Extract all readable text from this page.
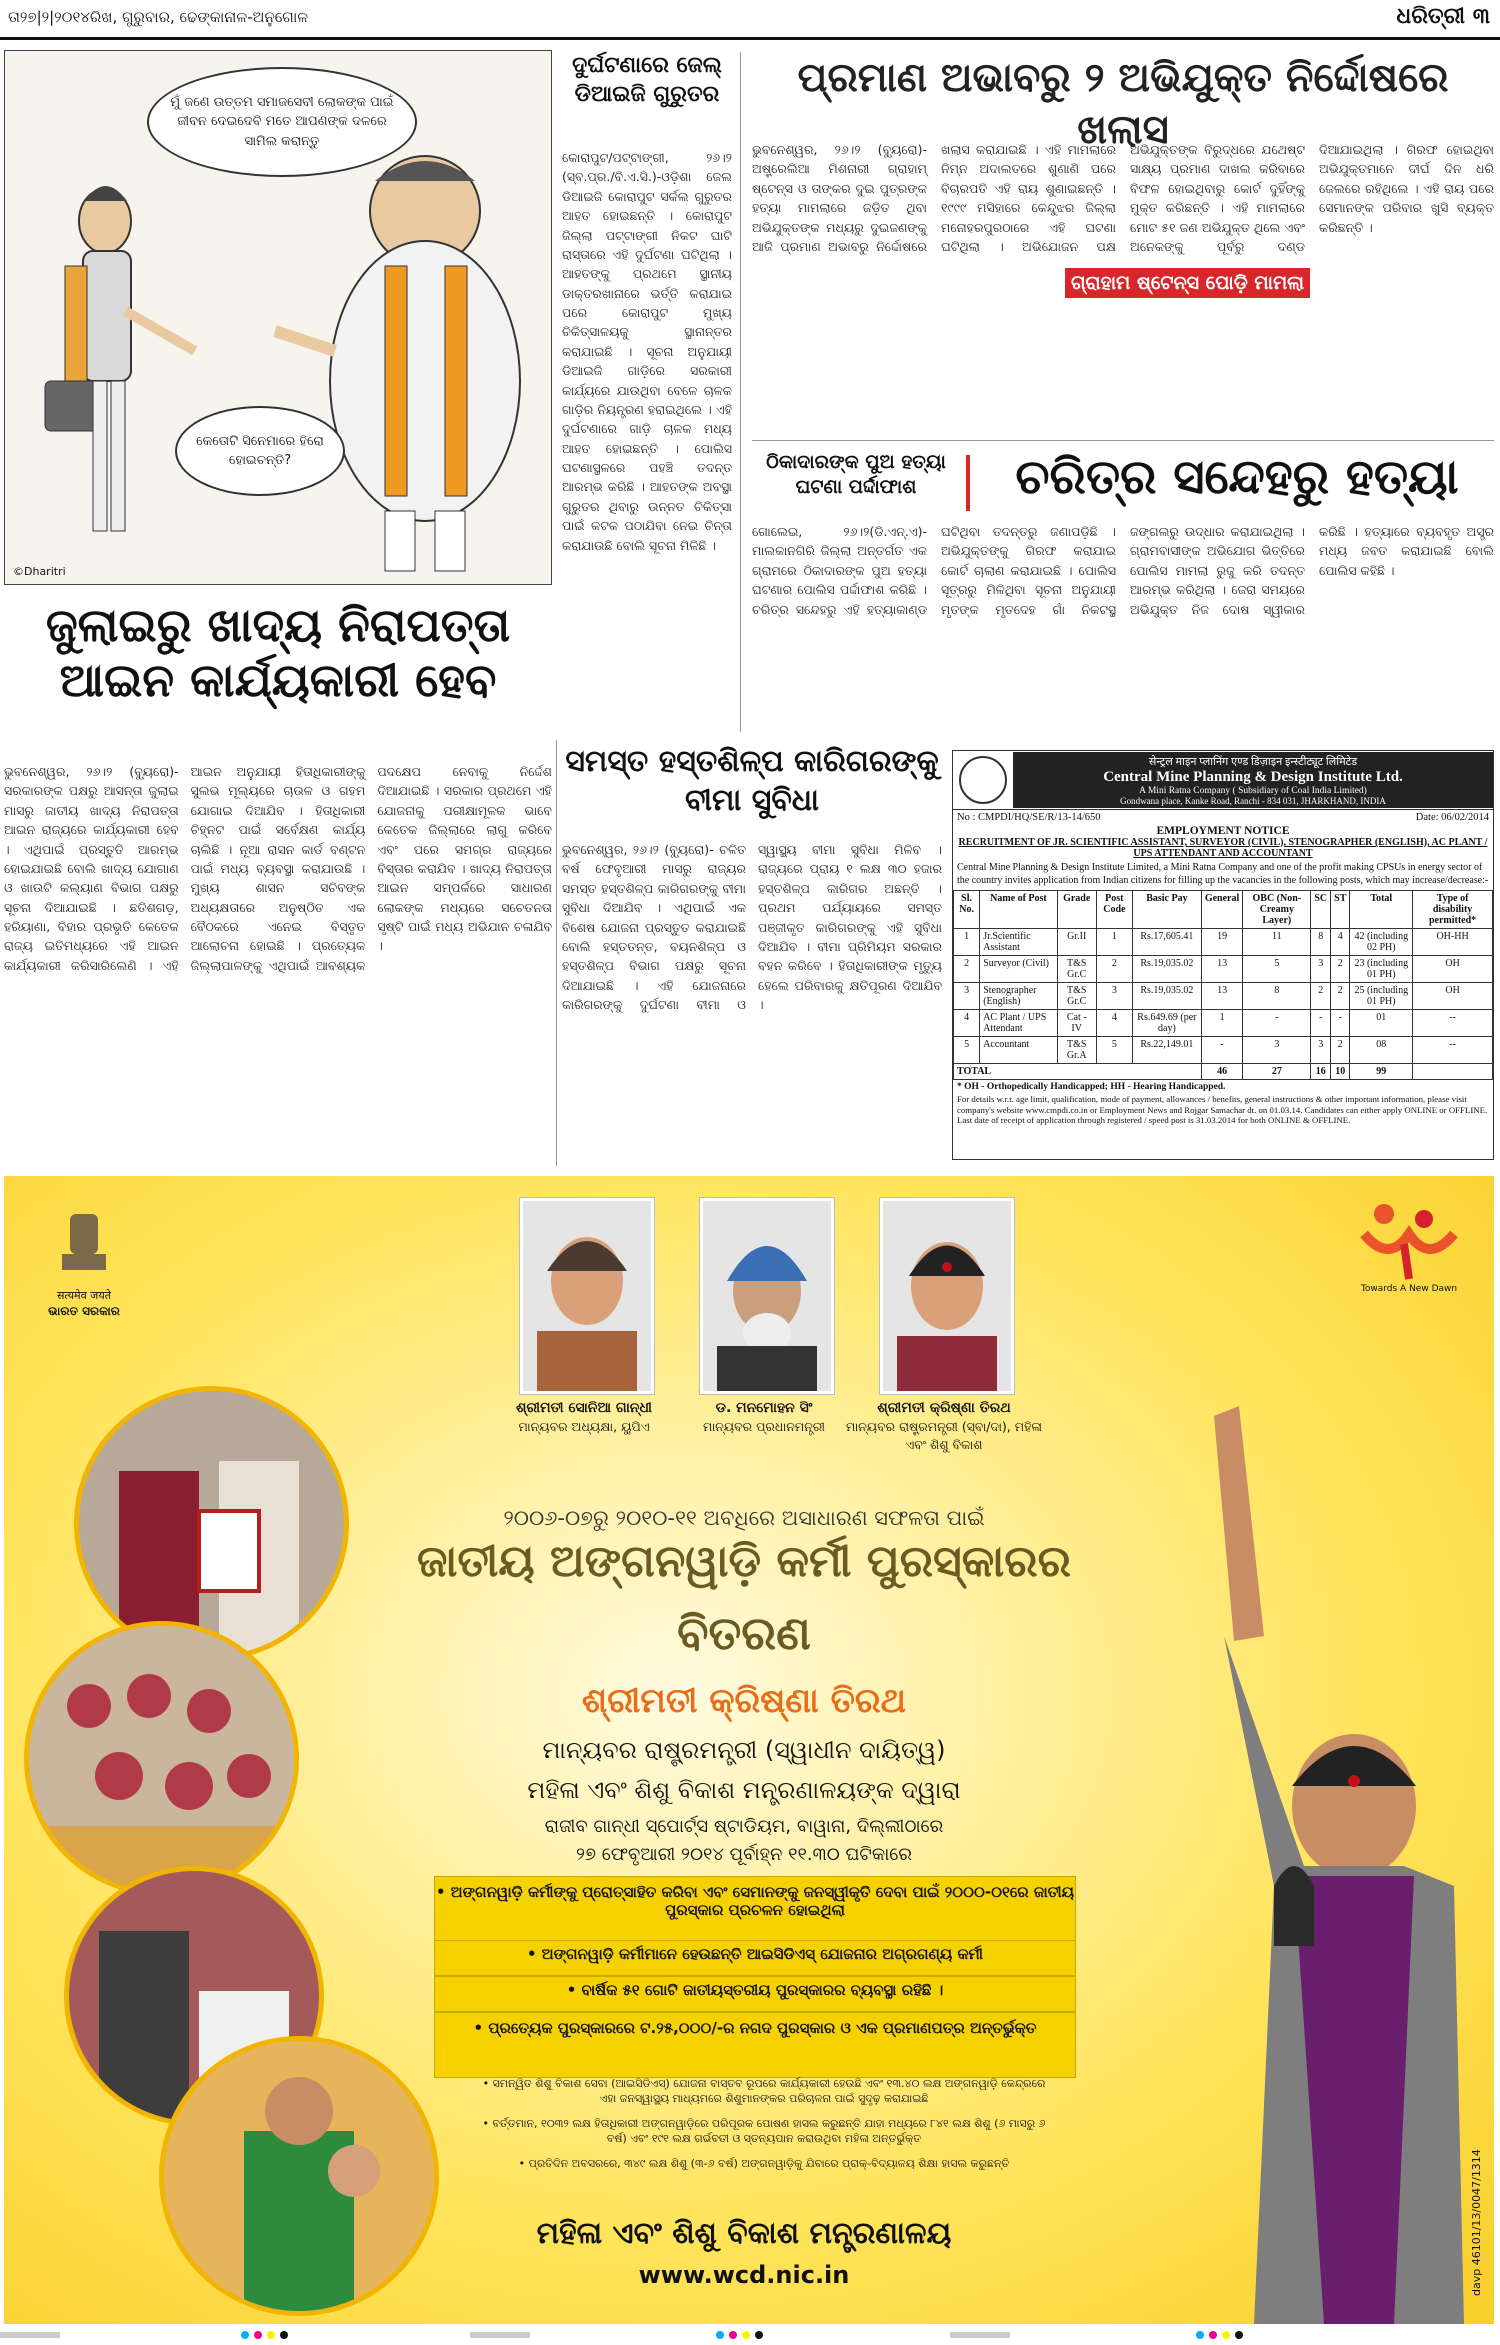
ତା୨୭|୨|୨୦୧୪ରିଖ, ଗୁରୁବାର, ଢେଙ୍କାନାଳ-ଅନୁଗୋଳ	ଧରିତ୍ରୀ ୩
ମୁଁ ଜଣେ ଉତ୍ତମ ସମାଜସେବୀ ଲୋକଙ୍କ ପାଇଁ ଜୀବନ ଦେଇଦେବି ମତେ ଆପଣଙ୍କ ଦଳରେ ସାମିଲ କରାନ୍ତୁ
କେତୋଟି ସିନେମାରେ ହିରୋ ହୋଇଚନ୍ତି?
©Dharitri
ଦୁର୍ଘଟଣାରେ ଜେଲ୍ ଡିଆଇଜି ଗୁରୁତର
କୋରାପୁଟ/ପଟ୍ଟାଙ୍ଗୀ, ୨୬।୨ (ସ୍ବ.ପ୍ର./ବି.ଏ.ସି.)-ଓଡ଼ିଶା ଜେଲ ଡିଆଇଜି କୋରାପୁଟ ସର୍କଲ ଗୁରୁତର ଆହତ ହୋଇଛନ୍ତି । କୋରାପୁଟ ଜିଲ୍ଲା ପଟ୍ଟାଙ୍ଗୀ ନିକଟ ଘାଟି ରାସ୍ତାରେ ଏହି ଦୁର୍ଘଟଣା ଘଟିଥିଲା । ଆହତଙ୍କୁ ପ୍ରଥମେ ସ୍ଥାନୀୟ ଡାକ୍ତରଖାନାରେ ଭର୍ତ୍ତି କରାଯାଇ ପରେ କୋରାପୁଟ ମୁଖ୍ୟ ଚିକିତ୍ସାଳୟକୁ ସ୍ଥାନାନ୍ତର କରାଯାଇଛି । ସୂଚନା ଅନୁଯାୟୀ ଡିଆଇଜି ଗାଡ଼ିରେ ସରକାରୀ କାର୍ଯ୍ୟରେ ଯାଉଥିବା ବେଳେ ଚାଳକ ଗାଡ଼ିର ନିୟନ୍ତ୍ରଣ ହରାଇଥିଲେ । ଏହି ଦୁର୍ଘଟଣାରେ ଗାଡ଼ି ଚାଳକ ମଧ୍ୟ ଆହତ ହୋଇଛନ୍ତି । ପୋଲିସ ଘଟଣାସ୍ଥଳରେ ପହଞ୍ଚି ତଦନ୍ତ ଆରମ୍ଭ କରିଛି । ଆହତଙ୍କ ଅବସ୍ଥା ଗୁରୁତର ଥିବାରୁ ଉନ୍ନତ ଚିକିତ୍ସା ପାଇଁ କଟକ ପଠାଯିବା ନେଇ ଚିନ୍ତା କରାଯାଉଛି ବୋଲି ସୂଚନା ମିଳିଛି ।
ପ୍ରମାଣ ଅଭାବରୁ ୨ ଅଭିଯୁକ୍ତ ନିର୍ଦ୍ଦୋଷରେ ଖଲାସ
ଭୁବନେଶ୍ୱର, ୨୬।୨ (ବ୍ୟୁରୋ)- ଅଷ୍ଟ୍ରେଲିଆ ମିଶନାରୀ ଗ୍ରାହାମ୍ ଷ୍ଟେନ୍ସ ଓ ତାଙ୍କର ଦୁଇ ପୁତ୍ରଙ୍କ ହତ୍ୟା ମାମଲାରେ ଜଡ଼ିତ ଥିବା ଅଭିଯୁକ୍ତଙ୍କ ମଧ୍ୟରୁ ଦୁଇଜଣଙ୍କୁ ଆଜି ପ୍ରମାଣ ଅଭାବରୁ ନିର୍ଦ୍ଦୋଷରେ ଖଲାସ କରାଯାଇଛି । ଏହି ମାମଲାରେ ନିମ୍ନ ଅଦାଲତରେ ଶୁଣାଣି ପରେ ବିଚାରପତି ଏହି ରାୟ ଶୁଣାଇଛନ୍ତି । ୧୯୯୯ ମସିହାରେ କେନ୍ଦୁଝର ଜିଲ୍ଲା ମନୋହରପୁରଠାରେ ଏହି ଘଟଣା ଘଟିଥିଲା । ଅଭିଯୋଜନ ପକ୍ଷ ଅଭିଯୁକ୍ତଙ୍କ ବିରୁଦ୍ଧରେ ଯଥେଷ୍ଟ ସାକ୍ଷ୍ୟ ପ୍ରମାଣ ଦାଖଲ କରିବାରେ ବିଫଳ ହୋଇଥିବାରୁ କୋର୍ଟ ଦୁହିଁଙ୍କୁ ମୁକ୍ତ କରିଛନ୍ତି । ଏହି ମାମଲାରେ ମୋଟ ୫୧ ଜଣ ଅଭିଯୁକ୍ତ ଥିଲେ ଏବଂ ଅନେକଙ୍କୁ ପୂର୍ବରୁ ଦଣ୍ଡ ଦିଆଯାଇଥିଲା । ଗିରଫ ହୋଇଥିବା ଅଭିଯୁକ୍ତମାନେ ଦୀର୍ଘ ଦିନ ଧରି ଜେଲରେ ରହିଥିଲେ । ଏହି ରାୟ ପରେ ସେମାନଙ୍କ ପରିବାର ଖୁସି ବ୍ୟକ୍ତ କରିଛନ୍ତି ।
ଗ୍ରାହାମ ଷ୍ଟେନ୍ସ ପୋଡ଼ି ମାମଲା
ଠିକାଦାରଙ୍କ ପୁଅ ହତ୍ୟା ଘଟଣା ପର୍ଦ୍ଦାଫାଶ	ଚରିତ୍ର ସନ୍ଦେହରୁ ହତ୍ୟା
ଗୋଲେଇ, ୨୬।୨(ଡି.ଏନ୍.ଏ)- ମାଲକାନଗିରି ଜିଲ୍ଲା ଅନ୍ତର୍ଗତ ଏକ ଗ୍ରାମରେ ଠିକାଦାରଙ୍କ ପୁଅ ହତ୍ୟା ଘଟଣାର ପୋଲିସ ପର୍ଦ୍ଦାଫାଶ କରିଛି । ଚରିତ୍ର ସନ୍ଦେହରୁ ଏହି ହତ୍ୟାକାଣ୍ଡ ଘଟିଥିବା ତଦନ୍ତରୁ ଜଣାପଡ଼ିଛି । ଅଭିଯୁକ୍ତଙ୍କୁ ଗିରଫ କରାଯାଇ କୋର୍ଟ ଚାଲାଣ କରାଯାଇଛି । ପୋଲିସ ସୂତ୍ରରୁ ମିଳିଥିବା ସୂଚନା ଅନୁଯାୟୀ ମୃତଙ୍କ ମୃତଦେହ ଗାଁ ନିକଟସ୍ଥ ଜଙ୍ଗଲରୁ ଉଦ୍ଧାର କରାଯାଇଥିଲା । ଗ୍ରାମବାସୀଙ୍କ ଅଭିଯୋଗ ଭିତ୍ତିରେ ପୋଲିସ ମାମଲା ରୁଜୁ କରି ତଦନ୍ତ ଆରମ୍ଭ କରିଥିଲା । ଜେରା ସମୟରେ ଅଭିଯୁକ୍ତ ନିଜ ଦୋଷ ସ୍ୱୀକାର କରିଛି । ହତ୍ୟାରେ ବ୍ୟବହୃତ ଅସ୍ତ୍ର ମଧ୍ୟ ଜବତ କରାଯାଇଛି ବୋଲି ପୋଲିସ କହିଛି ।
ଜୁଲାଇରୁ ଖାଦ୍ୟ ନିରାପତ୍ତା ଆଇନ କାର୍ଯ୍ୟକାରୀ ହେବ
ଭୁବନେଶ୍ୱର, ୨୬।୨ (ବ୍ୟୁରୋ)- ସରକାରଙ୍କ ପକ୍ଷରୁ ଆସନ୍ତା ଜୁଲାଇ ମାସରୁ ଜାତୀୟ ଖାଦ୍ୟ ନିରାପତ୍ତା ଆଇନ ରାଜ୍ୟରେ କାର୍ଯ୍ୟକାରୀ ହେବ । ଏଥିପାଇଁ ପ୍ରସ୍ତୁତି ଆରମ୍ଭ ହୋଇଯାଇଛି ବୋଲି ଖାଦ୍ୟ ଯୋଗାଣ ଓ ଖାଉଟି କଲ୍ୟାଣ ବିଭାଗ ପକ୍ଷରୁ ସୂଚନା ଦିଆଯାଇଛି । ଛତିଶଗଡ଼, ହରିୟାଣା, ବିହାର ପ୍ରଭୃତି କେତେକ ରାଜ୍ୟ ଇତିମଧ୍ୟରେ ଏହି ଆଇନ କାର୍ଯ୍ୟକାରୀ କରିସାରିଲେଣି । ଏହି ଆଇନ ଅନୁଯାୟୀ ହିତାଧିକାରୀଙ୍କୁ ସୁଲଭ ମୂଲ୍ୟରେ ଚାଉଳ ଓ ଗହମ ଯୋଗାଇ ଦିଆଯିବ । ହିତାଧିକାରୀ ଚିହ୍ନଟ ପାଇଁ ସର୍ବେକ୍ଷଣ କାର୍ଯ୍ୟ ଚାଲିଛି । ନୂଆ ରାସନ କାର୍ଡ ବଣ୍ଟନ ପାଇଁ ମଧ୍ୟ ବ୍ୟବସ୍ଥା କରାଯାଉଛି । ମୁଖ୍ୟ ଶାସନ ସଚିବଙ୍କ ଅଧ୍ୟକ୍ଷତାରେ ଅନୁଷ୍ଠିତ ଏକ ବୈଠକରେ ଏନେଇ ବିସ୍ତୃତ ଆଲୋଚନା ହୋଇଛି । ପ୍ରତ୍ୟେକ ଜିଲ୍ଲାପାଳଙ୍କୁ ଏଥିପାଇଁ ଆବଶ୍ୟକ ପଦକ୍ଷେପ ନେବାକୁ ନିର୍ଦ୍ଦେଶ ଦିଆଯାଇଛି । ସରକାର ପ୍ରଥମେ ଏହି ଯୋଜନାକୁ ପରୀକ୍ଷାମୂଳକ ଭାବେ କେତେକ ଜିଲ୍ଲାରେ ଲାଗୁ କରିବେ ଏବଂ ପରେ ସମଗ୍ର ରାଜ୍ୟରେ ବିସ୍ତାର କରାଯିବ । ଖାଦ୍ୟ ନିରାପତ୍ତା ଆଇନ ସମ୍ପର୍କରେ ସାଧାରଣ ଲୋକଙ୍କ ମଧ୍ୟରେ ସଚେତନତା ସୃଷ୍ଟି ପାଇଁ ମଧ୍ୟ ଅଭିଯାନ ଚଳାଯିବ ।
ସମସ୍ତ ହସ୍ତଶିଳ୍ପ କାରିଗରଙ୍କୁ ବୀମା ସୁବିଧା
ଭୁବନେଶ୍ୱର, ୨୬।୨ (ବ୍ୟୁରୋ)- ଚଳିତ ବର୍ଷ ଫେବୃଆରୀ ମାସରୁ ରାଜ୍ୟର ସମସ୍ତ ହସ୍ତଶିଳ୍ପ କାରିଗରଙ୍କୁ ବୀମା ସୁବିଧା ଦିଆଯିବ । ଏଥିପାଇଁ ଏକ ବିଶେଷ ଯୋଜନା ପ୍ରସ୍ତୁତ କରାଯାଇଛି ବୋଲି ହସ୍ତତନ୍ତ, ବୟନଶିଳ୍ପ ଓ ହସ୍ତଶିଳ୍ପ ବିଭାଗ ପକ୍ଷରୁ ସୂଚନା ଦିଆଯାଇଛି । ଏହି ଯୋଜନାରେ କାରିଗରଙ୍କୁ ଦୁର୍ଘଟଣା ବୀମା ଓ ସ୍ୱାସ୍ଥ୍ୟ ବୀମା ସୁବିଧା ମିଳିବ । ରାଜ୍ୟରେ ପ୍ରାୟ ୧ ଲକ୍ଷ ୩୦ ହଜାର ହସ୍ତଶିଳ୍ପ କାରିଗର ଅଛନ୍ତି । ପ୍ରଥମ ପର୍ଯ୍ୟାୟରେ ସମସ୍ତ ପଞ୍ଜୀକୃତ କାରିଗରଙ୍କୁ ଏହି ସୁବିଧା ଦିଆଯିବ । ବୀମା ପ୍ରିମିୟମ ସରକାର ବହନ କରିବେ । ହିତାଧିକାରୀଙ୍କ ମୃତ୍ୟୁ ହେଲେ ପରିବାରକୁ କ୍ଷତିପୂରଣ ଦିଆଯିବ ।
सेन्ट्रल माइन प्लानिंग एण्ड डिज़ाइन इन्स्टीट्यूट लिमिटेड
Central Mine Planning & Design Institute Ltd.
A Mini Ratna Company ( Subsidiary of Coal India Limited)
Gondwana place, Kanke Road, Ranchi - 834 031, JHARKHAND, INDIA
No : CMPDI/HQ/SE/R/13-14/650	Date: 06/02/2014
EMPLOYMENT NOTICE
RECRUITMENT OF JR. SCIENTIFIC ASSISTANT, SURVEYOR (CIVIL), STENOGRAPHER (ENGLISH), AC PLANT / UPS ATTENDANT AND ACCOUNTANT
Central Mine Planning & Design Institute Limited, a Mini Ratna Company and one of the profit making CPSUs in energy sector of the country invites application from Indian citizens for filling up the vacancies in the following posts, which may increase/decrease:-
Sl. No.	Name of Post	Grade	Post Code	Basic Pay	General	OBC (Non-Creamy Layer)	SC	ST	Total	Type of disability permitted*
1	Jr.Scientific Assistant	Gr.II	1	Rs.17,605.41	19	11	8	4	42 (including 02 PH)	OH-HH
2	Surveyor (Civil)	T&S Gr.C	2	Rs.19,035.02	13	5	3	2	23 (including 01 PH)	OH
3	Stenographer (English)	T&S Gr.C	3	Rs.19,035.02	13	8	2	2	25 (including 01 PH)	OH
4	AC Plant / UPS Attendant	Cat - IV	4	Rs.649.69 (per day)	1	-	-	-	01	--
5	Accountant	T&S Gr.A	5	Rs.22,149.01	-	3	3	2	08	--
TOTAL					46	27	16	10	99	
* OH - Orthopedically Handicapped; HH - Hearing Handicapped.
For details w.r.t. age limit, qualification, mode of payment, allowances / benefits, general instructions & other important information, please visit company's website www.cmpdi.co.in or Employment News and Rojgar Samachar dt. on 01.03.14. Candidates can either apply ONLINE or OFFLINE. Last date of receipt of application through registered / speed post is 31.03.2014 for both ONLINE & OFFLINE.
सत्यमेव जयते
ଭାରତ ସରକାର
Towards A New Dawn
ଶ୍ରୀମତୀ ସୋନିଆ ଗାନ୍ଧୀ
ମାନ୍ୟବର ଅଧ୍ୟକ୍ଷା, ୟୁପିଏ
ଡ. ମନମୋହନ ସିଂ
ମାନ୍ୟବର ପ୍ରଧାନମନ୍ତ୍ରୀ
ଶ୍ରୀମତୀ କ୍ରିଷ୍ଣା ତିରଥ
ମାନ୍ୟବର ରାଷ୍ଟ୍ରମନ୍ତ୍ରୀ (ସ୍ବା/ଦା), ମହିଳା ଏବଂ ଶିଶୁ ବିକାଶ
୨୦୦୬-୦୭ରୁ ୨୦୧୦-୧୧ ଅବଧିରେ ଅସାଧାରଣ ସଫଳତା ପାଇଁ
ଜାତୀୟ ଅଙ୍ଗନୱାଡ଼ି କର୍ମୀ ପୁରସ୍କାରର
ବିତରଣ
ଶ୍ରୀମତୀ କ୍ରିଷ୍ଣା ତିରଥ
ମାନ୍ୟବର ରାଷ୍ଟ୍ରମନ୍ତ୍ରୀ (ସ୍ୱାଧୀନ ଦାୟିତ୍ୱ)
ମହିଳା ଏବଂ ଶିଶୁ ବିକାଶ ମନ୍ତ୍ରଣାଳୟଙ୍କ ଦ୍ୱାରା
ରାଜୀବ ଗାନ୍ଧୀ ସ୍ପୋର୍ଟ୍ସ ଷ୍ଟାଡିୟମ, ବାୱାନା, ଦିଲ୍ଲୀଠାରେ
୨୭ ଫେବୃଆରୀ ୨୦୧୪ ପୂର୍ବାହ୍ନ ୧୧.୩୦ ଘଟିକାରେ
• ଅଙ୍ଗନୱାଡ଼ି କର୍ମୀଙ୍କୁ ପ୍ରୋତ୍ସାହିତ କରିବା ଏବଂ ସେମାନଙ୍କୁ ଜନସ୍ୱୀକୃତି ଦେବା ପାଇଁ ୨୦୦୦-୦୧ରେ ଜାତୀୟ ପୁରସ୍କାର ପ୍ରଚଳନ ହୋଇଥିଲା
• ଅଙ୍ଗନୱାଡ଼ି କର୍ମୀମାନେ ହେଉଛନ୍ତି ଆଇସିଡିଏସ୍ ଯୋଜନାର ଅଗ୍ରଗଣ୍ୟ କର୍ମୀ
• ବାର୍ଷିକ ୫୧ ଗୋଟି ଜାତୀୟସ୍ତରୀୟ ପୁରସ୍କାରର ବ୍ୟବସ୍ଥା ରହିଛି ।
• ପ୍ରତ୍ୟେକ ପୁରସ୍କାରରେ ଟ.୨୫,୦୦୦/-ର ନଗଦ ପୁରସ୍କାର ଓ ଏକ ପ୍ରମାଣପତ୍ର ଅନ୍ତର୍ଭୁକ୍ତ
• ସମନ୍ୱିତ ଶିଶୁ ବିକାଶ ସେବା (ଆଇସିଡିଏସ୍) ଯୋଜନା ବାସ୍ତବ ରୂପରେ କାର୍ଯ୍ୟକାରୀ ହେଉଛି ଏବଂ ୧୩.୪୦ ଲକ୍ଷ ଅଙ୍ଗନୱାଡ଼ି କେନ୍ଦ୍ରରେ ଏହା ଜନସ୍ୱାସ୍ଥ୍ୟ ମାଧ୍ୟମରେ ଶିଶୁମାନଙ୍କର ପରିଚାଳନା ପାଇଁ ସୁଦୃଢ଼ କରାଯାଇଛି
• ବର୍ତ୍ତମାନ, ୧୦୩୨ ଲକ୍ଷ ହିତାଧିକାରୀ ଅଙ୍ଗନୱାଡ଼ିରେ ପରିପୂରକ ପୋଷଣ ହାସଲ କରୁଛନ୍ତି ଯାହା ମଧ୍ୟରେ ୮୪୧ ଲକ୍ଷ ଶିଶୁ (୬ ମାସରୁ ୬ ବର୍ଷ) ଏବଂ ୧୯୧ ଲକ୍ଷ ଗର୍ଭବତୀ ଓ ସ୍ତନ୍ୟପାନ କରାଉଥିବା ମହିଳା ଅନ୍ତର୍ଭୁକ୍ତ
• ପ୍ରତିଦିନ ଅବସରରେ, ୩୪୯ ଲକ୍ଷ ଶିଶୁ (୩-୬ ବର୍ଷ) ଅଙ୍ଗନୱାଡ଼ିକୁ ଯିବାରେ ପ୍ରାକ୍-ବିଦ୍ୟାଳୟ ଶିକ୍ଷା ହାସଲ କରୁଛନ୍ତି
ମହିଳା ଏବଂ ଶିଶୁ ବିକାଶ ମନ୍ତ୍ରଣାଳୟ
www.wcd.nic.in	davp 46101/13/0047/1314
